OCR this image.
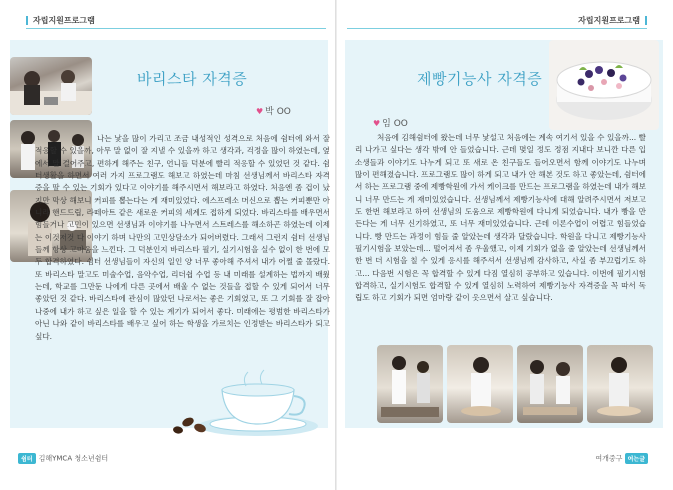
자립지원프로그램
바리스타 자격증
♥ 박 OO
나는 낯을 많이 가리고 조금 내성적인 성격으로 처음에 쉼터에 와서 잘 적응할 수 있을까, 아무 말 없이 잘 지낼 수 있을까 하고 생각과, 걱정을 많이 하였는데, 옆에서 말 걸어주고, 편하게 해주는 친구, 언니들 덕분에 빨리 적응할 수 있었던 것 같다. 쉼터생활을 하면서 여러 가지 프로그램도 해보고 하였는데 마침 선생님께서 바리스타 자격증을 딸 수 있는 기회가 있다고 이야기를 해주시면서 해보라고 하였다. 처음엔 좀 겁이 났지만 막상 해보니 커피를 뽑는다는 게 재미있었다. 에스프레소 머신으로 뽑는 커피뿐만 아니라 핸드드립, 라떼아트 같은 새로운 커피의 세계도 접하게 되었다. 바리스타를 배우면서 힘들거나 고민이 있으면 선생님과 이야기를 나누면서 스트레스를 해소하곤 하였는데 이제는 이것저것 다 이야기 하며 나만의 고민상담소가 되어버렸다. 그래서 그런지 쉼터 선생님들께 항상 고마움을 느낀다. 그 덕분인지 바리스타 필기, 실기시험을 실수 없이 한 번에 모두 합격하였다. 쉼터 선생님들이 자신의 일인 양 너무 좋아해 주셔서 내가 어쩔 줄 몰랐다. 또 바리스타 말고도 미술수업, 음악수업, 리더쉽 수업 등 내 미래를 설계하는 법까지 배웠는데, 학교를 그만둔 나에게 다른 곳에서 배울 수 없는 것들을 접할 수 있게 되어서 너무 좋았던 것 같다. 바리스타에 관심이 많았던 나로서는 좋은 기회였고, 또 그 기회를 잘 잡아 나중에 내가 하고 싶은 일을 할 수 있는 계기가 되어서 좋다. 미래에는 평범한 바리스타가 아닌 나와 같이 바리스타를 배우고 싶어 하는 학생을 가르치는 인정받는 바리스타가 되고 싶다.
쉼터 김해YMCA 청소년쉼터
자립지원프로그램
제빵기능사 자격증
♥ 임 OO
처음에 김해쉼터에 왔는데 너무 낯설고 처음에는 계속 여기서 있을 수 있을까... 빨리 나가고 싶다는 생각 밖에 안 들었습니다. 근데 몇일 정도 정점 지내다 보니깐 다른 입소생들과 이야기도 나누게 되고 또 새로 온 친구들도 들어오면서 함께 이야기도 나누며 많이 편해졌습니다. 프로그램도 많이 하게 되고 내가 안 해본 것도 하고 좋았는데, 쉼터에서 하는 프로그램 중에 제빵학원에 가서 케이크를 만드는 프로그램을 하였는데 내가 해보니 너무 만드는 게 재미있었습니다. 선생님께서 제빵기능사에 대해 알려주시면서 저보고도 한번 해보라고 하여 선생님의 도움으로 제빵학원에 다니게 되었습니다. 내가 빵을 만든다는 게 너무 신기하였고, 또 너무 재미있었습니다. 근데 이론수업이 어렵고 힘들었습니다. 빵 만드는 과정이 힘들 줄 알았는데 생각과 달랐습니다. 학원을 다니고 제빵기능사 필기시험을 보았는데... 떨어져서 좀 우울했고, 이제 기회가 없을 줄 알았는데 선생님께서 한 번 더 시험을 칠 수 있게 응시를 해주셔서 선생님께 감사하고, 사실 좀 부끄럽기도 하고... 다음번 시험은 꼭 합격할 수 있게 다짐 열심히 공부하고 있습니다. 이번에 필기시험 합격하고, 실기시험도 합격할 수 있게 열심히 노력하여 제빵기능사 자격증을 꼭 따서 독립도 하고 기회가 되면 엄마랑 같이 옷으면서 살고 싶습니다.
여개중구 여는글
